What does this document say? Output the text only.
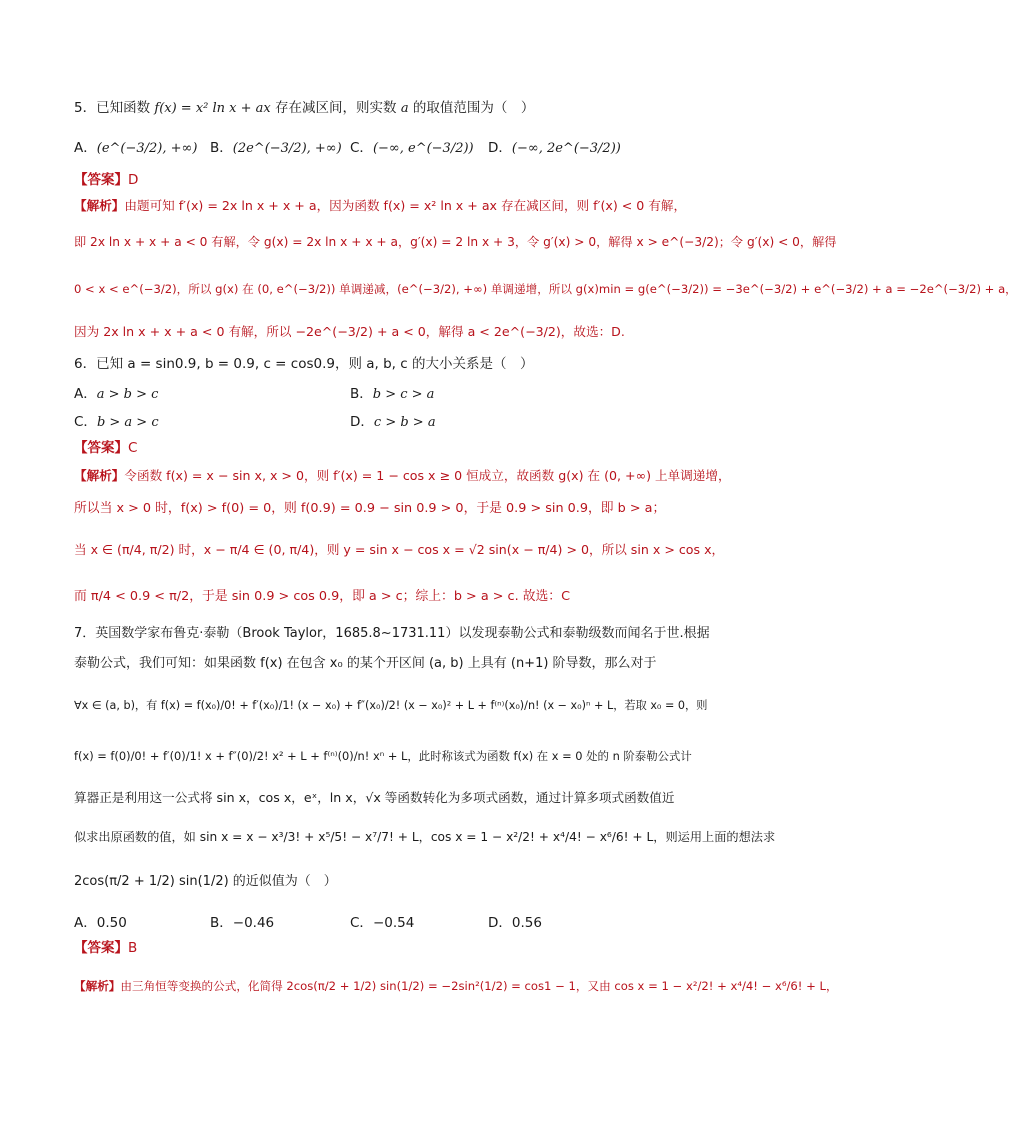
5．已知函数 f(x) = x² ln x + ax 存在减区间，则实数 a 的取值范围为（　）
A．(e^(−3/2), +∞) B．(2e^(−3/2), +∞) C．(−∞, e^(−3/2)) D．(−∞, 2e^(−3/2))
【答案】D
【解析】由题可知 f′(x) = 2x ln x + x + a，因为函数 f(x) = x² ln x + ax 存在减区间，则 f′(x) < 0 有解，
即 2x ln x + x + a < 0 有解，令 g(x) = 2x ln x + x + a，g′(x) = 2 ln x + 3，令 g′(x) > 0，解得 x > e^(−3/2)；令 g′(x) < 0，解得
0 < x < e^(−3/2)，所以 g(x) 在 (0, e^(−3/2)) 单调递减，(e^(−3/2), +∞) 单调递增，所以 g(x)min = g(e^(−3/2)) = −3e^(−3/2) + e^(−3/2) + a = −2e^(−3/2) + a，
因为 2x ln x + x + a < 0 有解，所以 −2e^(−3/2) + a < 0，解得 a < 2e^(−3/2)，故选：D.
6．已知 a = sin0.9, b = 0.9, c = cos0.9，则 a, b, c 的大小关系是（　）
A．a > b > c	B．b > c > a
C．b > a > c	D．c > b > a
【答案】C
【解析】令函数 f(x) = x − sin x, x > 0，则 f′(x) = 1 − cos x ≥ 0 恒成立，故函数 g(x) 在 (0, +∞) 上单调递增，
所以当 x > 0 时，f(x) > f(0) = 0，则 f(0.9) = 0.9 − sin 0.9 > 0，于是 0.9 > sin 0.9，即 b > a；
当 x ∈ (π/4, π/2) 时，x − π/4 ∈ (0, π/4)，则 y = sin x − cos x = √2 sin(x − π/4) > 0，所以 sin x > cos x，
而 π/4 < 0.9 < π/2，于是 sin 0.9 > cos 0.9，即 a > c；综上：b > a > c. 故选：C
7．英国数学家布鲁克·泰勒（Brook Taylor，1685.8~1731.11）以发现泰勒公式和泰勒级数而闻名于世.根据
泰勒公式，我们可知：如果函数 f(x) 在包含 x₀ 的某个开区间 (a, b) 上具有 (n+1) 阶导数，那么对于
∀x ∈ (a, b)，有 f(x) = f(x₀)/0! + f′(x₀)/1! (x − x₀) + f″(x₀)/2! (x − x₀)² + L + f⁽ⁿ⁾(x₀)/n! (x − x₀)ⁿ + L，若取 x₀ = 0，则
f(x) = f(0)/0! + f′(0)/1! x + f″(0)/2! x² + L + f⁽ⁿ⁾(0)/n! xⁿ + L，此时称该式为函数 f(x) 在 x = 0 处的 n 阶泰勒公式计
算器正是利用这一公式将 sin x，cos x，eˣ，ln x，√x 等函数转化为多项式函数，通过计算多项式函数值近
似求出原函数的值，如 sin x = x − x³/3! + x⁵/5! − x⁷/7! + L，cos x = 1 − x²/2! + x⁴/4! − x⁶/6! + L，则运用上面的想法求
2cos(π/2 + 1/2) sin(1/2) 的近似值为（　）
A．0.50	B．−0.46	C．−0.54	D．0.56
【答案】B
【解析】由三角恒等变换的公式，化简得 2cos(π/2 + 1/2) sin(1/2) = −2sin²(1/2) = cos1 − 1，又由 cos x = 1 − x²/2! + x⁴/4! − x⁶/6! + L，
